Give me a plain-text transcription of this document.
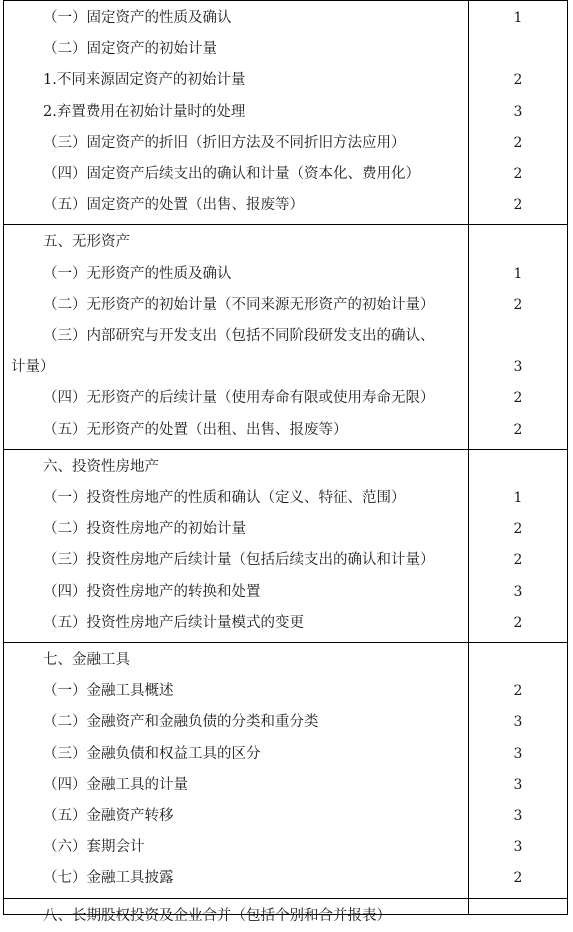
（一）固定资产的性质及确认	1
（二）固定资产的初始计量
1.不同来源固定资产的初始计量	2
2.弃置费用在初始计量时的处理	3
（三）固定资产的折旧（折旧方法及不同折旧方法应用）	2
（四）固定资产后续支出的确认和计量（资本化、费用化）	2
（五）固定资产的处置（出售、报废等）	2
五、无形资产
（一）无形资产的性质及确认	1
（二）无形资产的初始计量（不同来源无形资产的初始计量）	2
（三）内部研究与开发支出（包括不同阶段研发支出的确认、
计量）	3
（四）无形资产的后续计量（使用寿命有限或使用寿命无限）	2
（五）无形资产的处置（出租、出售、报废等）	2
六、投资性房地产
（一）投资性房地产的性质和确认（定义、特征、范围）	1
（二）投资性房地产的初始计量	2
（三）投资性房地产后续计量（包括后续支出的确认和计量）	2
（四）投资性房地产的转换和处置	3
（五）投资性房地产后续计量模式的变更	2
七、金融工具
（一）金融工具概述	2
（二）金融资产和金融负债的分类和重分类	3
（三）金融负债和权益工具的区分	3
（四）金融工具的计量	3
（五）金融资产转移	3
（六）套期会计	3
（七）金融工具披露	2
八、长期股权投资及企业合并（包括个别和合并报表）
